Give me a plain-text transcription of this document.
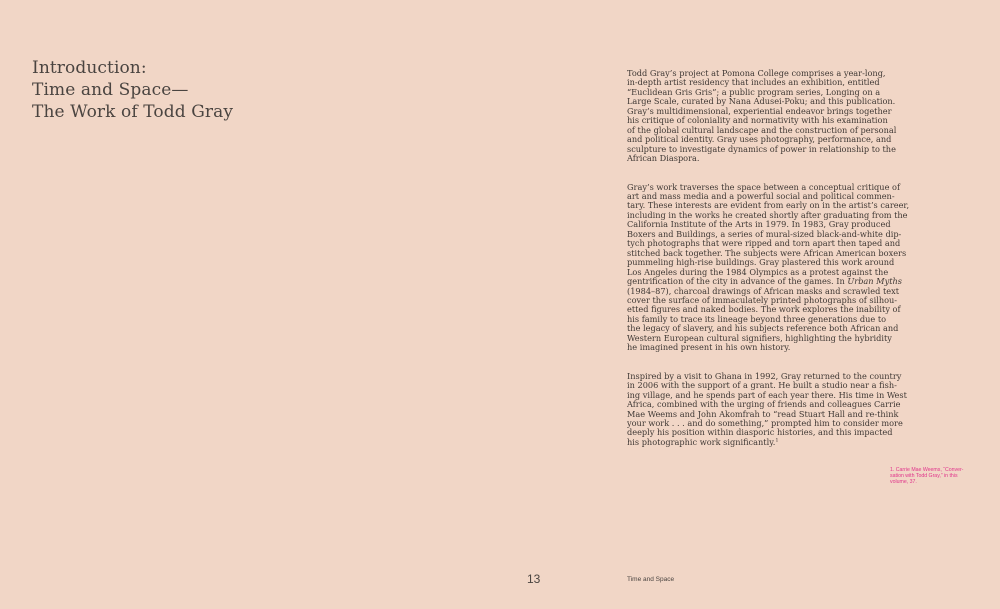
Introduction:
Time and Space—
The Work of Todd Gray
Todd Gray’s project at Pomona College comprises a year-long,
in-depth artist residency that includes an exhibition, entitled
“Euclidean Gris Gris”; a public program series, Longing on a
Large Scale, curated by Nana Adusei-Poku; and this publication.
Gray’s multidimensional, experiential endeavor brings together
his critique of coloniality and normativity with his examination
of the global cultural landscape and the construction of personal
and political identity. Gray uses photography, performance, and
sculpture to investigate dynamics of power in relationship to the
African Diaspora.
Gray’s work traverses the space between a conceptual critique of
art and mass media and a powerful social and political commen-
tary. These interests are evident from early on in the artist’s career,
including in the works he created shortly after graduating from the
California Institute of the Arts in 1979. In 1983, Gray produced
Boxers and Buildings, a series of mural-sized black-and-white dip-
tych photographs that were ripped and torn apart then taped and
stitched back together. The subjects were African American boxers
pummeling high-rise buildings. Gray plastered this work around
Los Angeles during the 1984 Olympics as a protest against the
gentrification of the city in advance of the games. In Urban Myths
(1984–87), charcoal drawings of African masks and scrawled text
cover the surface of immaculately printed photographs of silhou-
etted figures and naked bodies. The work explores the inability of
his family to trace its lineage beyond three generations due to
the legacy of slavery, and his subjects reference both African and
Western European cultural signifiers, highlighting the hybridity
he imagined present in his own history.
Inspired by a visit to Ghana in 1992, Gray returned to the country
in 2006 with the support of a grant. He built a studio near a fish-
ing village, and he spends part of each year there. His time in West
Africa, combined with the urging of friends and colleagues Carrie
Mae Weems and John Akomfrah to “read Stuart Hall and re-think
your work . . . and do something,” prompted him to consider more
deeply his position within diasporic histories, and this impacted
his photographic work significantly.$^1$
1. Carrie Mae Weems, “Conver-
sation with Todd Gray,” in this
volume, 37.
13	Time and Space
